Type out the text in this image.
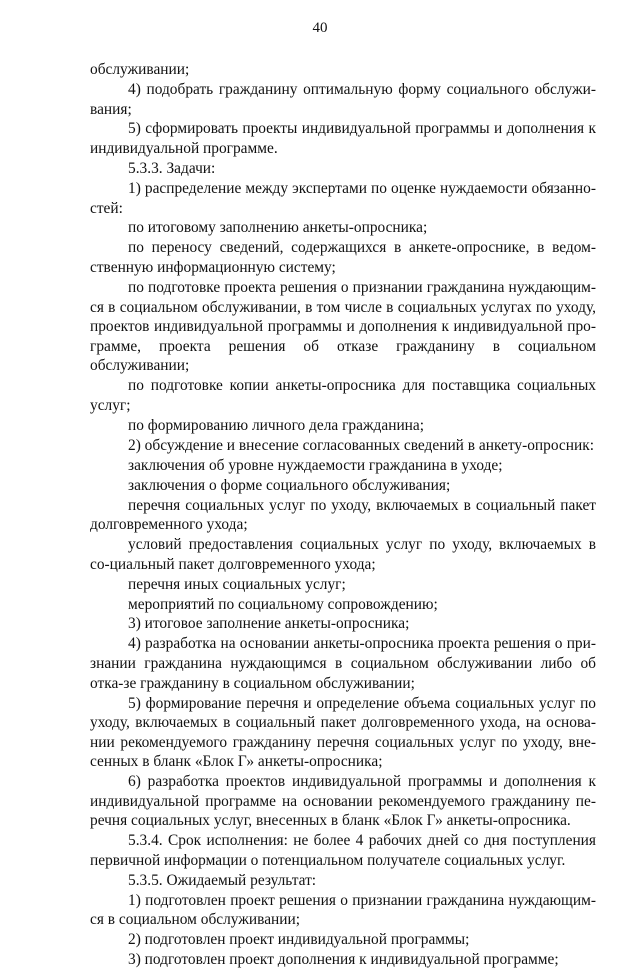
40

обслуживании;

4) подобрать гражданину оптимальную форму социального обслужи-вания;

5) сформировать проекты индивидуальной программы и дополнения к индивидуальной программе.

5.3.3. Задачи:

1) распределение между экспертами по оценке нуждаемости обязанно-стей:

по итоговому заполнению анкеты-опросника;

по переносу сведений, содержащихся в анкете-опроснике, в ведом-ственную информационную систему;

по подготовке проекта решения о признании гражданина нуждающим-ся в социальном обслуживании, в том числе в социальных услугах по уходу, проектов индивидуальной программы и дополнения к индивидуальной про-грамме, проекта решения об отказе гражданину в социальном обслуживании;

по подготовке копии анкеты-опросника для поставщика социальных услуг;

по формированию личного дела гражданина;

2) обсуждение и внесение согласованных сведений в анкету-опросник:

заключения об уровне нуждаемости гражданина в уходе;

заключения о форме социального обслуживания;

перечня социальных услуг по уходу, включаемых в социальный пакет долговременного ухода;

условий предоставления социальных услуг по уходу, включаемых в со-циальный пакет долговременного ухода;

перечня иных социальных услуг;

мероприятий по социальному сопровождению;

3) итоговое заполнение анкеты-опросника;

4) разработка на основании анкеты-опросника проекта решения о при-знании гражданина нуждающимся в социальном обслуживании либо об отка-зе гражданину в социальном обслуживании;

5) формирование перечня и определение объема социальных услуг по уходу, включаемых в социальный пакет долговременного ухода, на основа-нии рекомендуемого гражданину перечня социальных услуг по уходу, вне-сенных в бланк «Блок Г» анкеты-опросника;

6) разработка проектов индивидуальной программы и дополнения к индивидуальной программе на основании рекомендуемого гражданину пе-речня социальных услуг, внесенных в бланк «Блок Г» анкеты-опросника.

5.3.4. Срок исполнения: не более 4 рабочих дней со дня поступления первичной информации о потенциальном получателе социальных услуг.

5.3.5. Ожидаемый результат:

1) подготовлен проект решения о признании гражданина нуждающим-ся в социальном обслуживании;

2) подготовлен проект индивидуальной программы;

3) подготовлен проект дополнения к индивидуальной программе;
